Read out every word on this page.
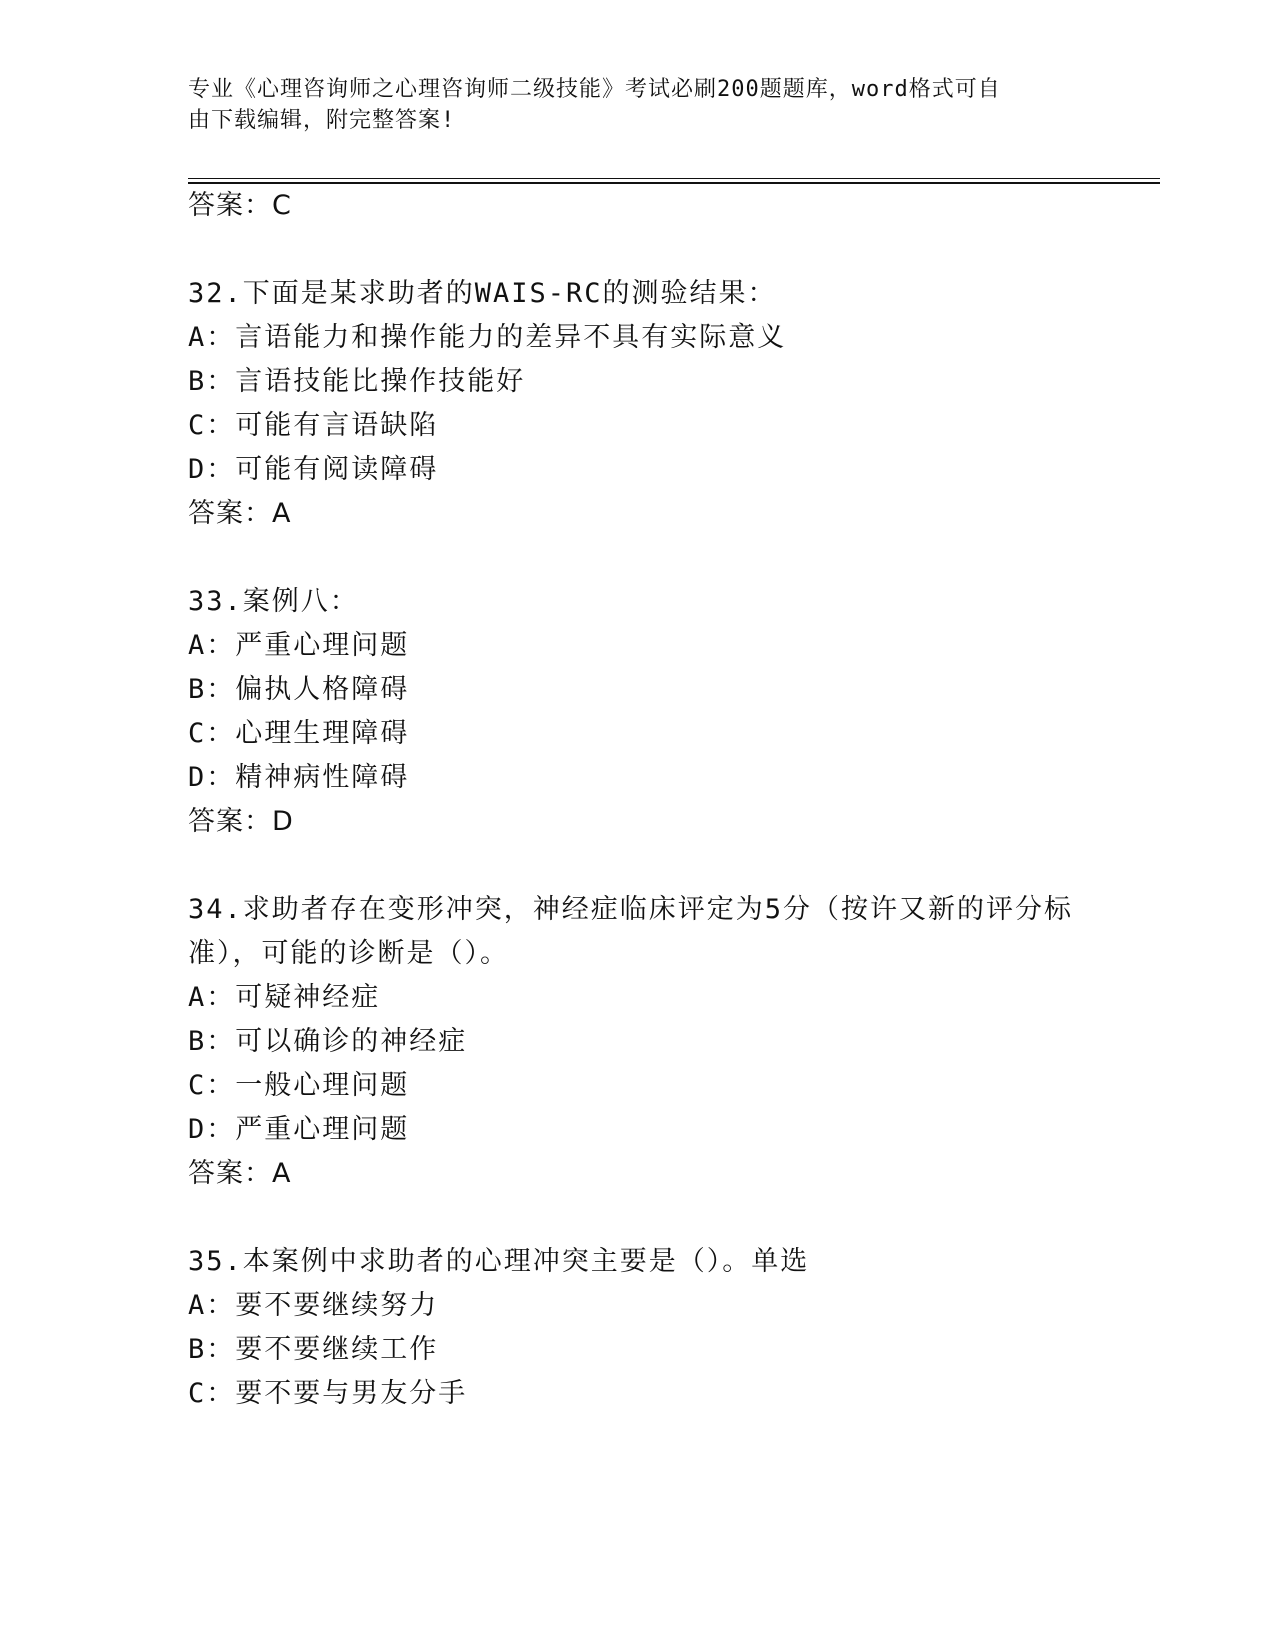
专业《心理咨询师之心理咨询师二级技能》考试必刷200题题库，word格式可自
由下载编辑，附完整答案!
答案：C
32.下面是某求助者的WAIS-RC的测验结果：
A：言语能力和操作能力的差异不具有实际意义
B：言语技能比操作技能好
C：可能有言语缺陷
D：可能有阅读障碍
答案：A
33.案例八：
A：严重心理问题
B：偏执人格障碍
C：心理生理障碍
D：精神病性障碍
答案：D
34.求助者存在变形冲突，神经症临床评定为5分（按许又新的评分标
准），可能的诊断是（）。
A：可疑神经症
B：可以确诊的神经症
C：一般心理问题
D：严重心理问题
答案：A
35.本案例中求助者的心理冲突主要是（）。单选
A：要不要继续努力
B：要不要继续工作
C：要不要与男友分手
